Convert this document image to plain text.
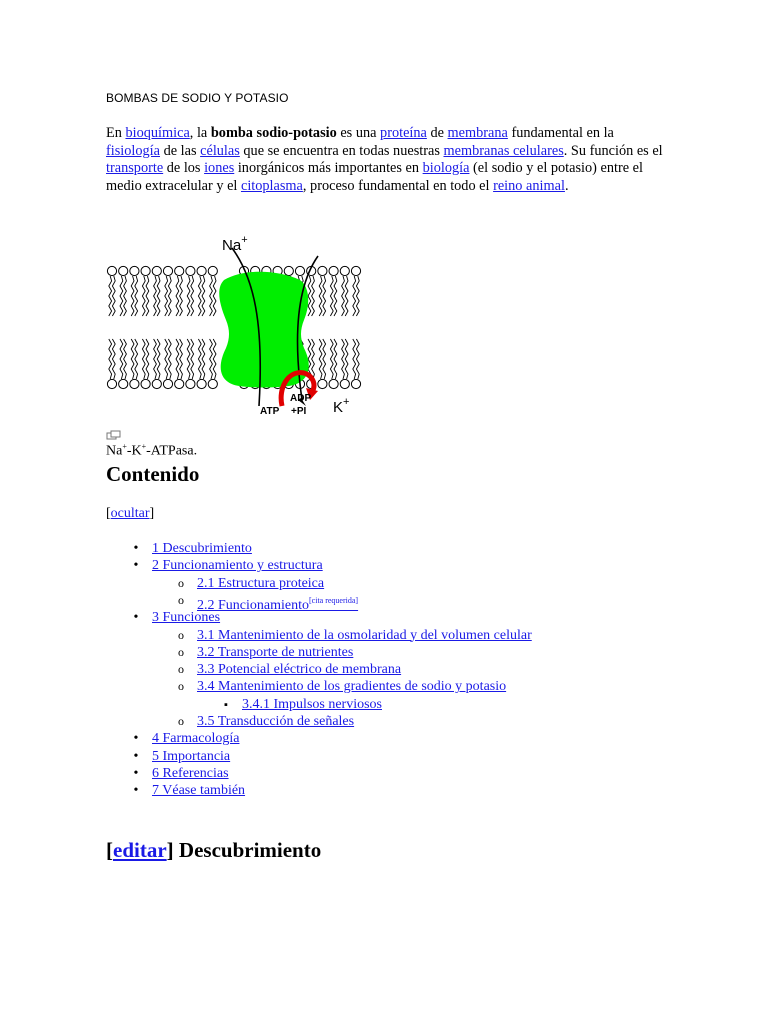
BOMBAS DE SODIO Y POTASIO
En bioquímica, la bomba sodio-potasio es una proteína de membrana fundamental en la fisiología de las células que se encuentra en todas nuestras membranas celulares. Su función es el transporte de los iones inorgánicos más importantes en biología (el sodio y el potasio) entre el medio extracelular y el citoplasma, proceso fundamental en todo el reino animal.
Na+
ADP
+PI
ATP	K+
Na+-K+-ATPasa.
Contenido
[ocultar]
•
1 Descubrimiento
•
2 Funcionamiento y estructura
o
2.1 Estructura proteica
o
2.2 Funcionamiento[cita requerida]
•
3 Funciones
o
3.1 Mantenimiento de la osmolaridad y del volumen celular
o
3.2 Transporte de nutrientes
o
3.3 Potencial eléctrico de membrana
o
3.4 Mantenimiento de los gradientes de sodio y potasio
▪
3.4.1 Impulsos nerviosos
o
3.5 Transducción de señales
•
4 Farmacología
•
5 Importancia
•
6 Referencias
•
7 Véase también
[editar] Descubrimiento
